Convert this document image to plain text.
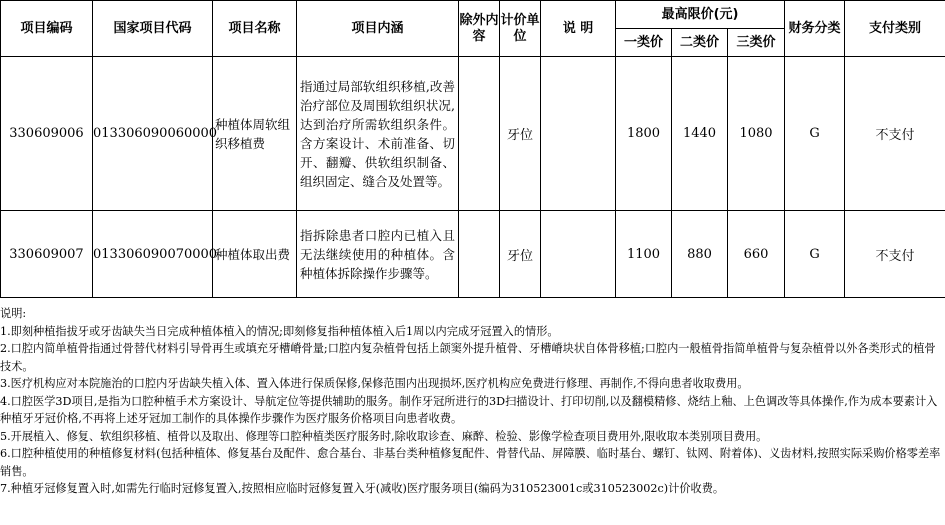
项目编码	国家项目代码	项目名称	项目内涵	除外内容	计价单位	说 明	最高限价(元)			财务分类	支付类别
							一类价	二类价	三类价		
330609006	013306090060000	种植体周软组织移植费	指通过局部软组织移植,改善治疗部位及周围软组织状况,达到治疗所需软组织条件。含方案设计、术前准备、切开、翻瓣、供软组织制备、组织固定、缝合及处置等。		牙位		1800	1440	1080	G	不支付
330609007	013306090070000	种植体取出费	指拆除患者口腔内已植入且无法继续使用的种植体。含种植体拆除操作步骤等。		牙位		1100	880	660	G	不支付
说明:
1.即刻种植指拔牙或牙齿缺失当日完成种植体植入的情况;即刻修复指种植体植入后1周以内完成牙冠置入的情形。
2.口腔内简单植骨指通过骨替代材料引导骨再生或填充牙槽嵴骨量;口腔内复杂植骨包括上颌窦外提升植骨、牙槽嵴块状自体骨移植;口腔内一般植骨指简单植骨与复杂植骨以外各类形式的植骨技术。
3.医疗机构应对本院施治的口腔内牙齿缺失植入体、置入体进行保质保修,保修范围内出现损坏,医疗机构应免费进行修理、再制作,不得向患者收取费用。
4.口腔医学3D项目,是指为口腔种植手术方案设计、导航定位等提供辅助的服务。制作牙冠所进行的3D扫描设计、打印切削,以及翻模精修、烧结上釉、上色调改等具体操作,作为成本要素计入种植牙牙冠价格,不再将上述牙冠加工制作的具体操作步骤作为医疗服务价格项目向患者收费。
5.开展植入、修复、软组织移植、植骨以及取出、修理等口腔种植类医疗服务时,除收取诊查、麻醉、检验、影像学检查项目费用外,限收取本类别项目费用。
6.口腔种植使用的种植修复材料(包括种植体、修复基台及配件、愈合基台、非基台类种植修复配件、骨替代品、屏障膜、临时基台、螺钉、钛网、附着体)、义齿材料,按照实际采购价格零差率销售。
7.种植牙冠修复置入时,如需先行临时冠修复置入,按照相应临时冠修复置入牙(减收)医疗服务项目(编码为310523001c或310523002c)计价收费。
